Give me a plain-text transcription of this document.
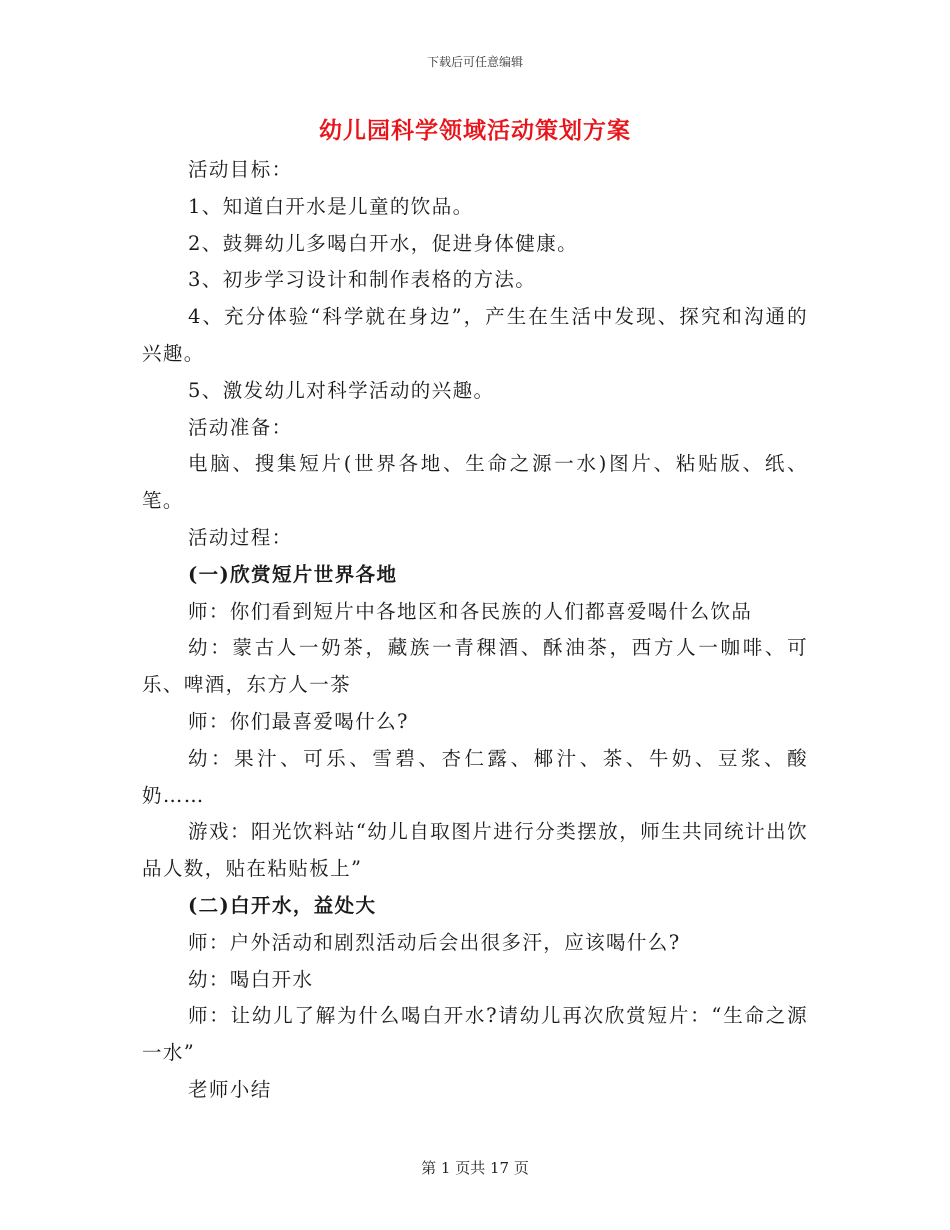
下载后可任意编辑
幼儿园科学领域活动策划方案

活动目标：

1、知道白开水是儿童的饮品。

2、鼓舞幼儿多喝白开水，促进身体健康。

3、初步学习设计和制作表格的方法。

4、充分体验“科学就在身边”，产生在生活中发现、探究和沟通的兴趣。

5、激发幼儿对科学活动的兴趣。

活动准备：

电脑、搜集短片(世界各地、生命之源一水)图片、粘贴版、纸、笔。

活动过程：

(一)欣赏短片世界各地

师：你们看到短片中各地区和各民族的人们都喜爱喝什么饮品

幼：蒙古人一奶茶，藏族一青稞酒、酥油茶，西方人一咖啡、可乐、啤酒，东方人一茶

师：你们最喜爱喝什么?

幼：果汁、可乐、雪碧、杏仁露、椰汁、茶、牛奶、豆浆、酸奶……

游戏：阳光饮料站“幼儿自取图片进行分类摆放，师生共同统计出饮品人数，贴在粘贴板上”

(二)白开水，益处大

师：户外活动和剧烈活动后会出很多汗，应该喝什么?

幼：喝白开水

师：让幼儿了解为什么喝白开水?请幼儿再次欣赏短片：“生命之源一水”

老师小结

第 1 页共 17 页
